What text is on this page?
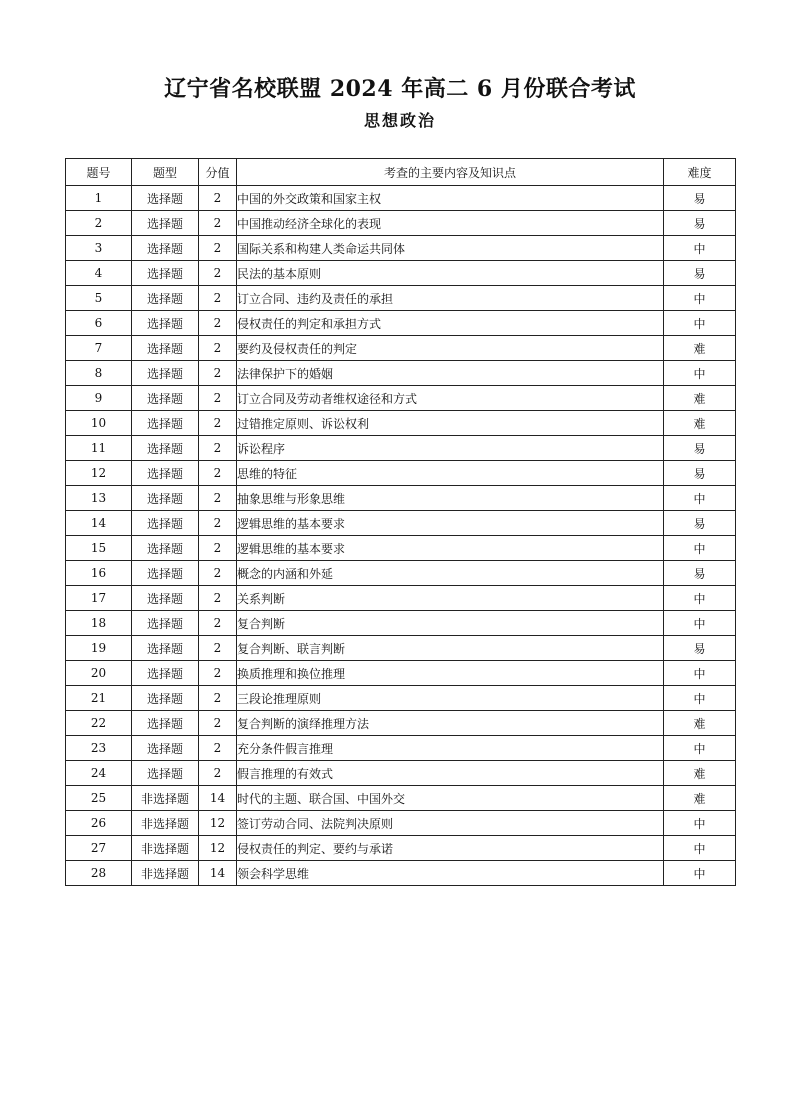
辽宁省名校联盟 2024 年高二 6 月份联合考试
思想政治
题号	题型	分值	考查的主要内容及知识点	难度
1	选择题	2	中国的外交政策和国家主权	易
2	选择题	2	中国推动经济全球化的表现	易
3	选择题	2	国际关系和构建人类命运共同体	中
4	选择题	2	民法的基本原则	易
5	选择题	2	订立合同、违约及责任的承担	中
6	选择题	2	侵权责任的判定和承担方式	中
7	选择题	2	要约及侵权责任的判定	难
8	选择题	2	法律保护下的婚姻	中
9	选择题	2	订立合同及劳动者维权途径和方式	难
10	选择题	2	过错推定原则、诉讼权利	难
11	选择题	2	诉讼程序	易
12	选择题	2	思维的特征	易
13	选择题	2	抽象思维与形象思维	中
14	选择题	2	逻辑思维的基本要求	易
15	选择题	2	逻辑思维的基本要求	中
16	选择题	2	概念的内涵和外延	易
17	选择题	2	关系判断	中
18	选择题	2	复合判断	中
19	选择题	2	复合判断、联言判断	易
20	选择题	2	换质推理和换位推理	中
21	选择题	2	三段论推理原则	中
22	选择题	2	复合判断的演绎推理方法	难
23	选择题	2	充分条件假言推理	中
24	选择题	2	假言推理的有效式	难
25	非选择题	14	时代的主题、联合国、中国外交	难
26	非选择题	12	签订劳动合同、法院判决原则	中
27	非选择题	12	侵权责任的判定、要约与承诺	中
28	非选择题	14	领会科学思维	中
